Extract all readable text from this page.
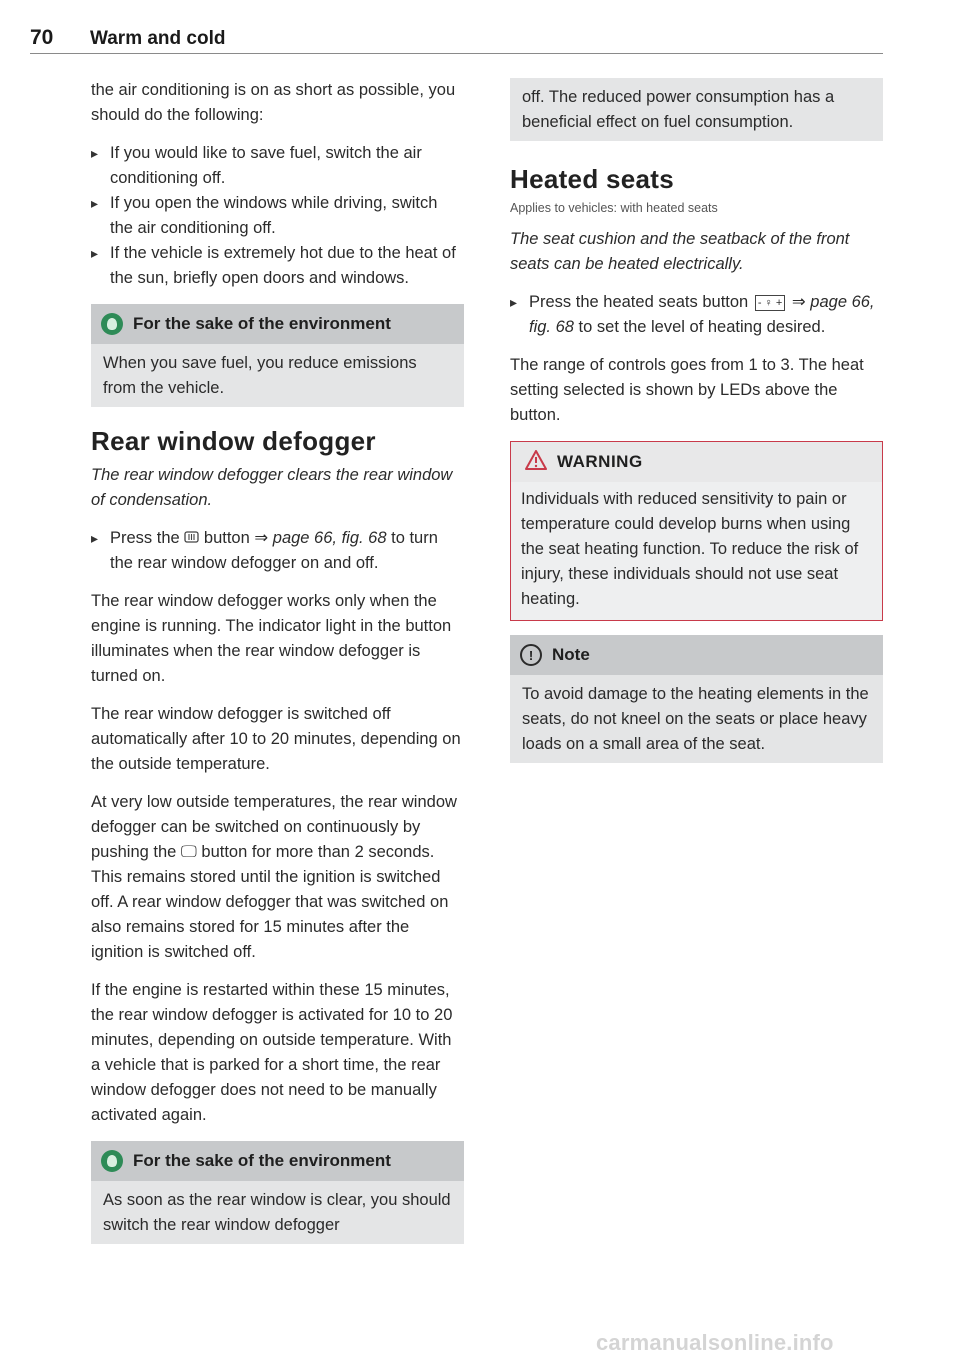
70 Warm and cold

the air conditioning is on as short as possible, you should do the following:

▸ If you would like to save fuel, switch the air conditioning off.
▸ If you open the windows while driving, switch the air conditioning off.
▸ If the vehicle is extremely hot due to the heat of the sun, briefly open doors and windows.
For the sake of the environment

When you save fuel, you reduce emissions from the vehicle.

Rear window defogger

The rear window defogger clears the rear window of condensation.

▸ Press the button ⇒ page 66, fig. 68 to turn the rear window defogger on and off.

The rear window defogger works only when the engine is running. The indicator light in the button illuminates when the rear window defogger is turned on.

The rear window defogger is switched off automatically after 10 to 20 minutes, depending on the outside temperature.

At very low outside temperatures, the rear window defogger can be switched on continuously by pushing the 🖵 button for more than 2 seconds. This remains stored until the ignition is switched off. A rear window defogger that was switched on also remains stored for 15 minutes after the ignition is switched off.

If the engine is restarted within these 15 minutes, the rear window defogger is activated for 10 to 20 minutes, depending on outside temperature. With a vehicle that is parked for a short time, the rear window defogger does not need to be manually activated again.

For the sake of the environment

As soon as the rear window is clear, you should switch the rear window defogger

off. The reduced power consumption has a beneficial effect on fuel consumption.

Heated seats

Applies to vehicles: with heated seats

The seat cushion and the seatback of the front seats can be heated electrically.

▸ Press the heated seats button - ♀ + ⇒ page 66, fig. 68 to set the level of heating desired.

The range of controls goes from 1 to 3. The heat setting selected is shown by LEDs above the button.

WARNING

Individuals with reduced sensitivity to pain or temperature could develop burns when using the seat heating function. To reduce the risk of injury, these individuals should not use seat heating.

!	Note

To avoid damage to the heating elements in the seats, do not kneel on the seats or place heavy loads on a small area of the seat.

carmanualsonline.info
